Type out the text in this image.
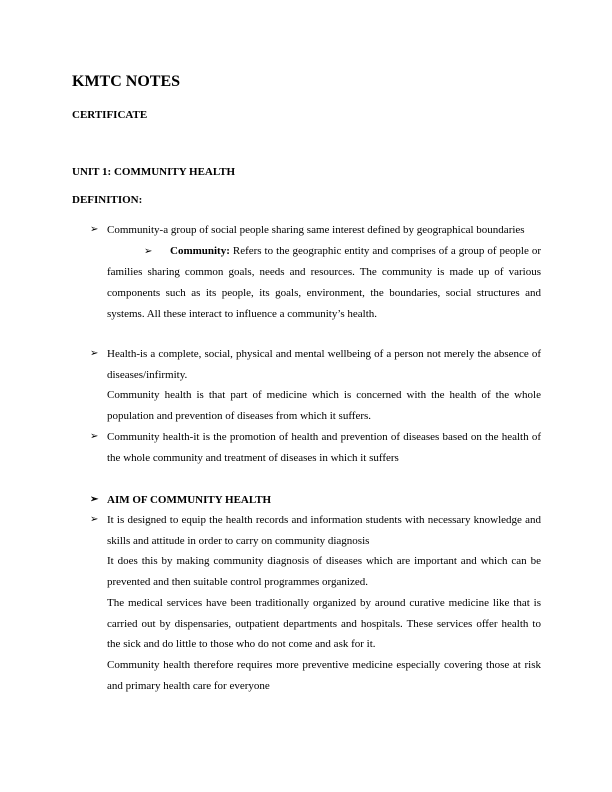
KMTC NOTES
CERTIFICATE
UNIT 1: COMMUNITY HEALTH
DEFINITION:
➢ Community-a group of social people sharing same interest defined by geographical boundaries

➢ Community: Refers to the geographic entity and comprises of a group of people or families sharing common goals, needs and resources. The community is made up of various components such as its people, its goals, environment, the boundaries, social structures and systems. All these interact to influence a community’s health.

➢ Health-is a complete, social, physical and mental wellbeing of a person not merely the absence of diseases/infirmity.

Community health is that part of medicine which is concerned with the health of the whole population and prevention of diseases from which it suffers.

➢ Community health-it is the promotion of health and prevention of diseases based on the health of the whole community and treatment of diseases in which it suffers

➢ AIM OF COMMUNITY HEALTH
➢ It is designed to equip the health records and information students with necessary knowledge and skills and attitude in order to carry on community diagnosis

It does this by making community diagnosis of diseases which are important and which can be prevented and then suitable control programmes organized.

The medical services have been traditionally organized by around curative medicine like that is carried out by dispensaries, outpatient departments and hospitals. These services offer health to the sick and do little to those who do not come and ask for it.

Community health therefore requires more preventive medicine especially covering those at risk and primary health care for everyone
